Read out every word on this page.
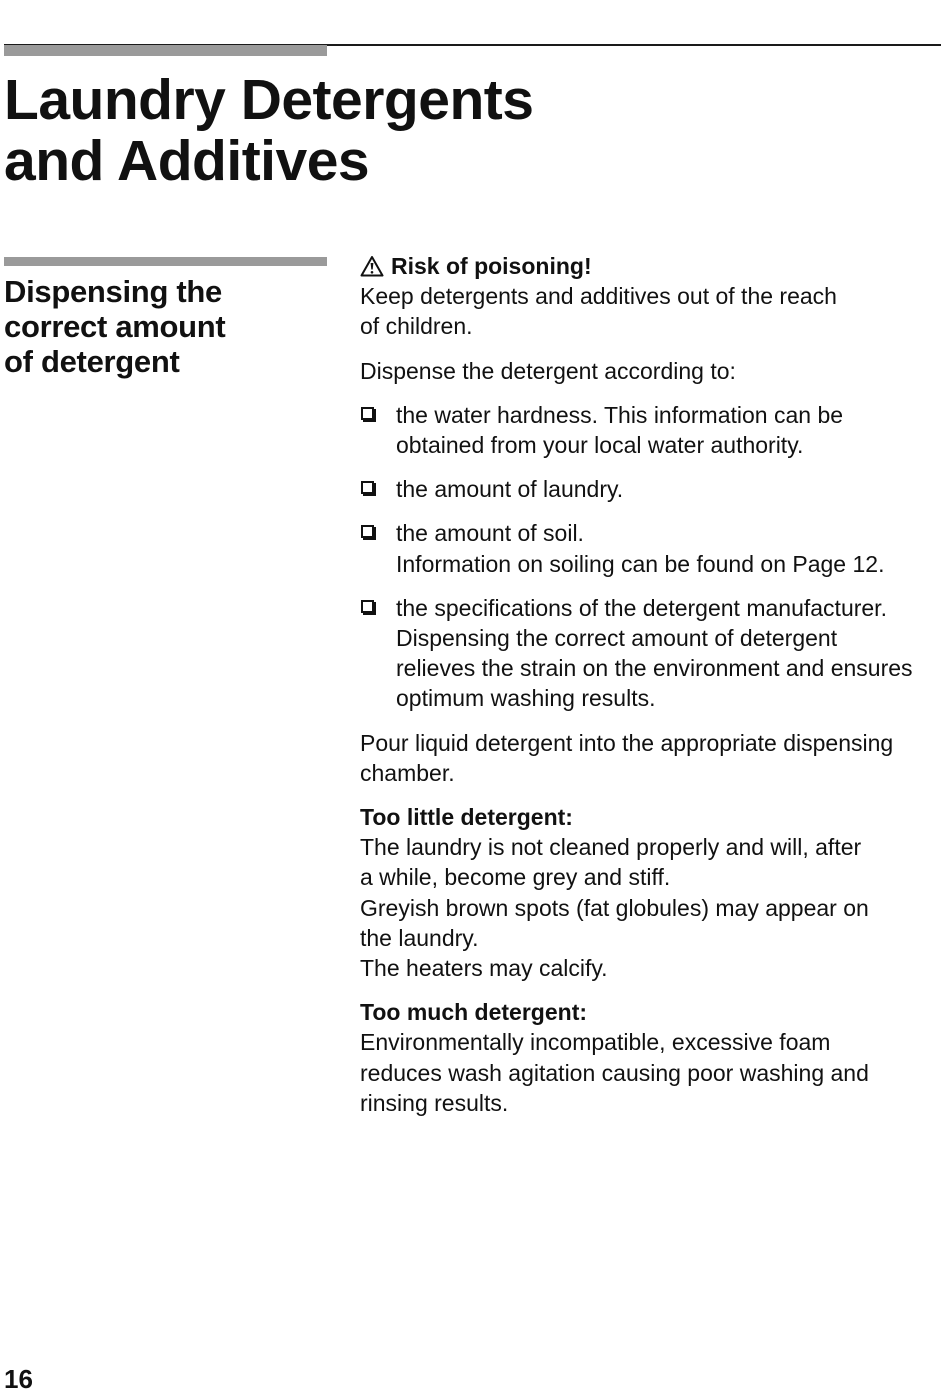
Laundry Detergents
and Additives
Dispensing the
correct amount
of detergent
Risk of poisoning!
Keep detergents and additives out of the reach
of children.

Dispense the detergent according to:

the water hardness. This information can be
obtained from your local water authority.
the amount of laundry.
the amount of soil.
Information on soiling can be found on Page 12.
the specifications of the detergent manufacturer.
Dispensing the correct amount of detergent
relieves the strain on the environment and ensures
optimum washing results.
Pour liquid detergent into the appropriate dispensing
chamber.
Too little detergent:
The laundry is not cleaned properly and will, after
a while, become grey and stiff.
Greyish brown spots (fat globules) may appear on
the laundry.
The heaters may calcify.
Too much detergent:
Environmentally incompatible, excessive foam
reduces wash agitation causing poor washing and
rinsing results.
16
